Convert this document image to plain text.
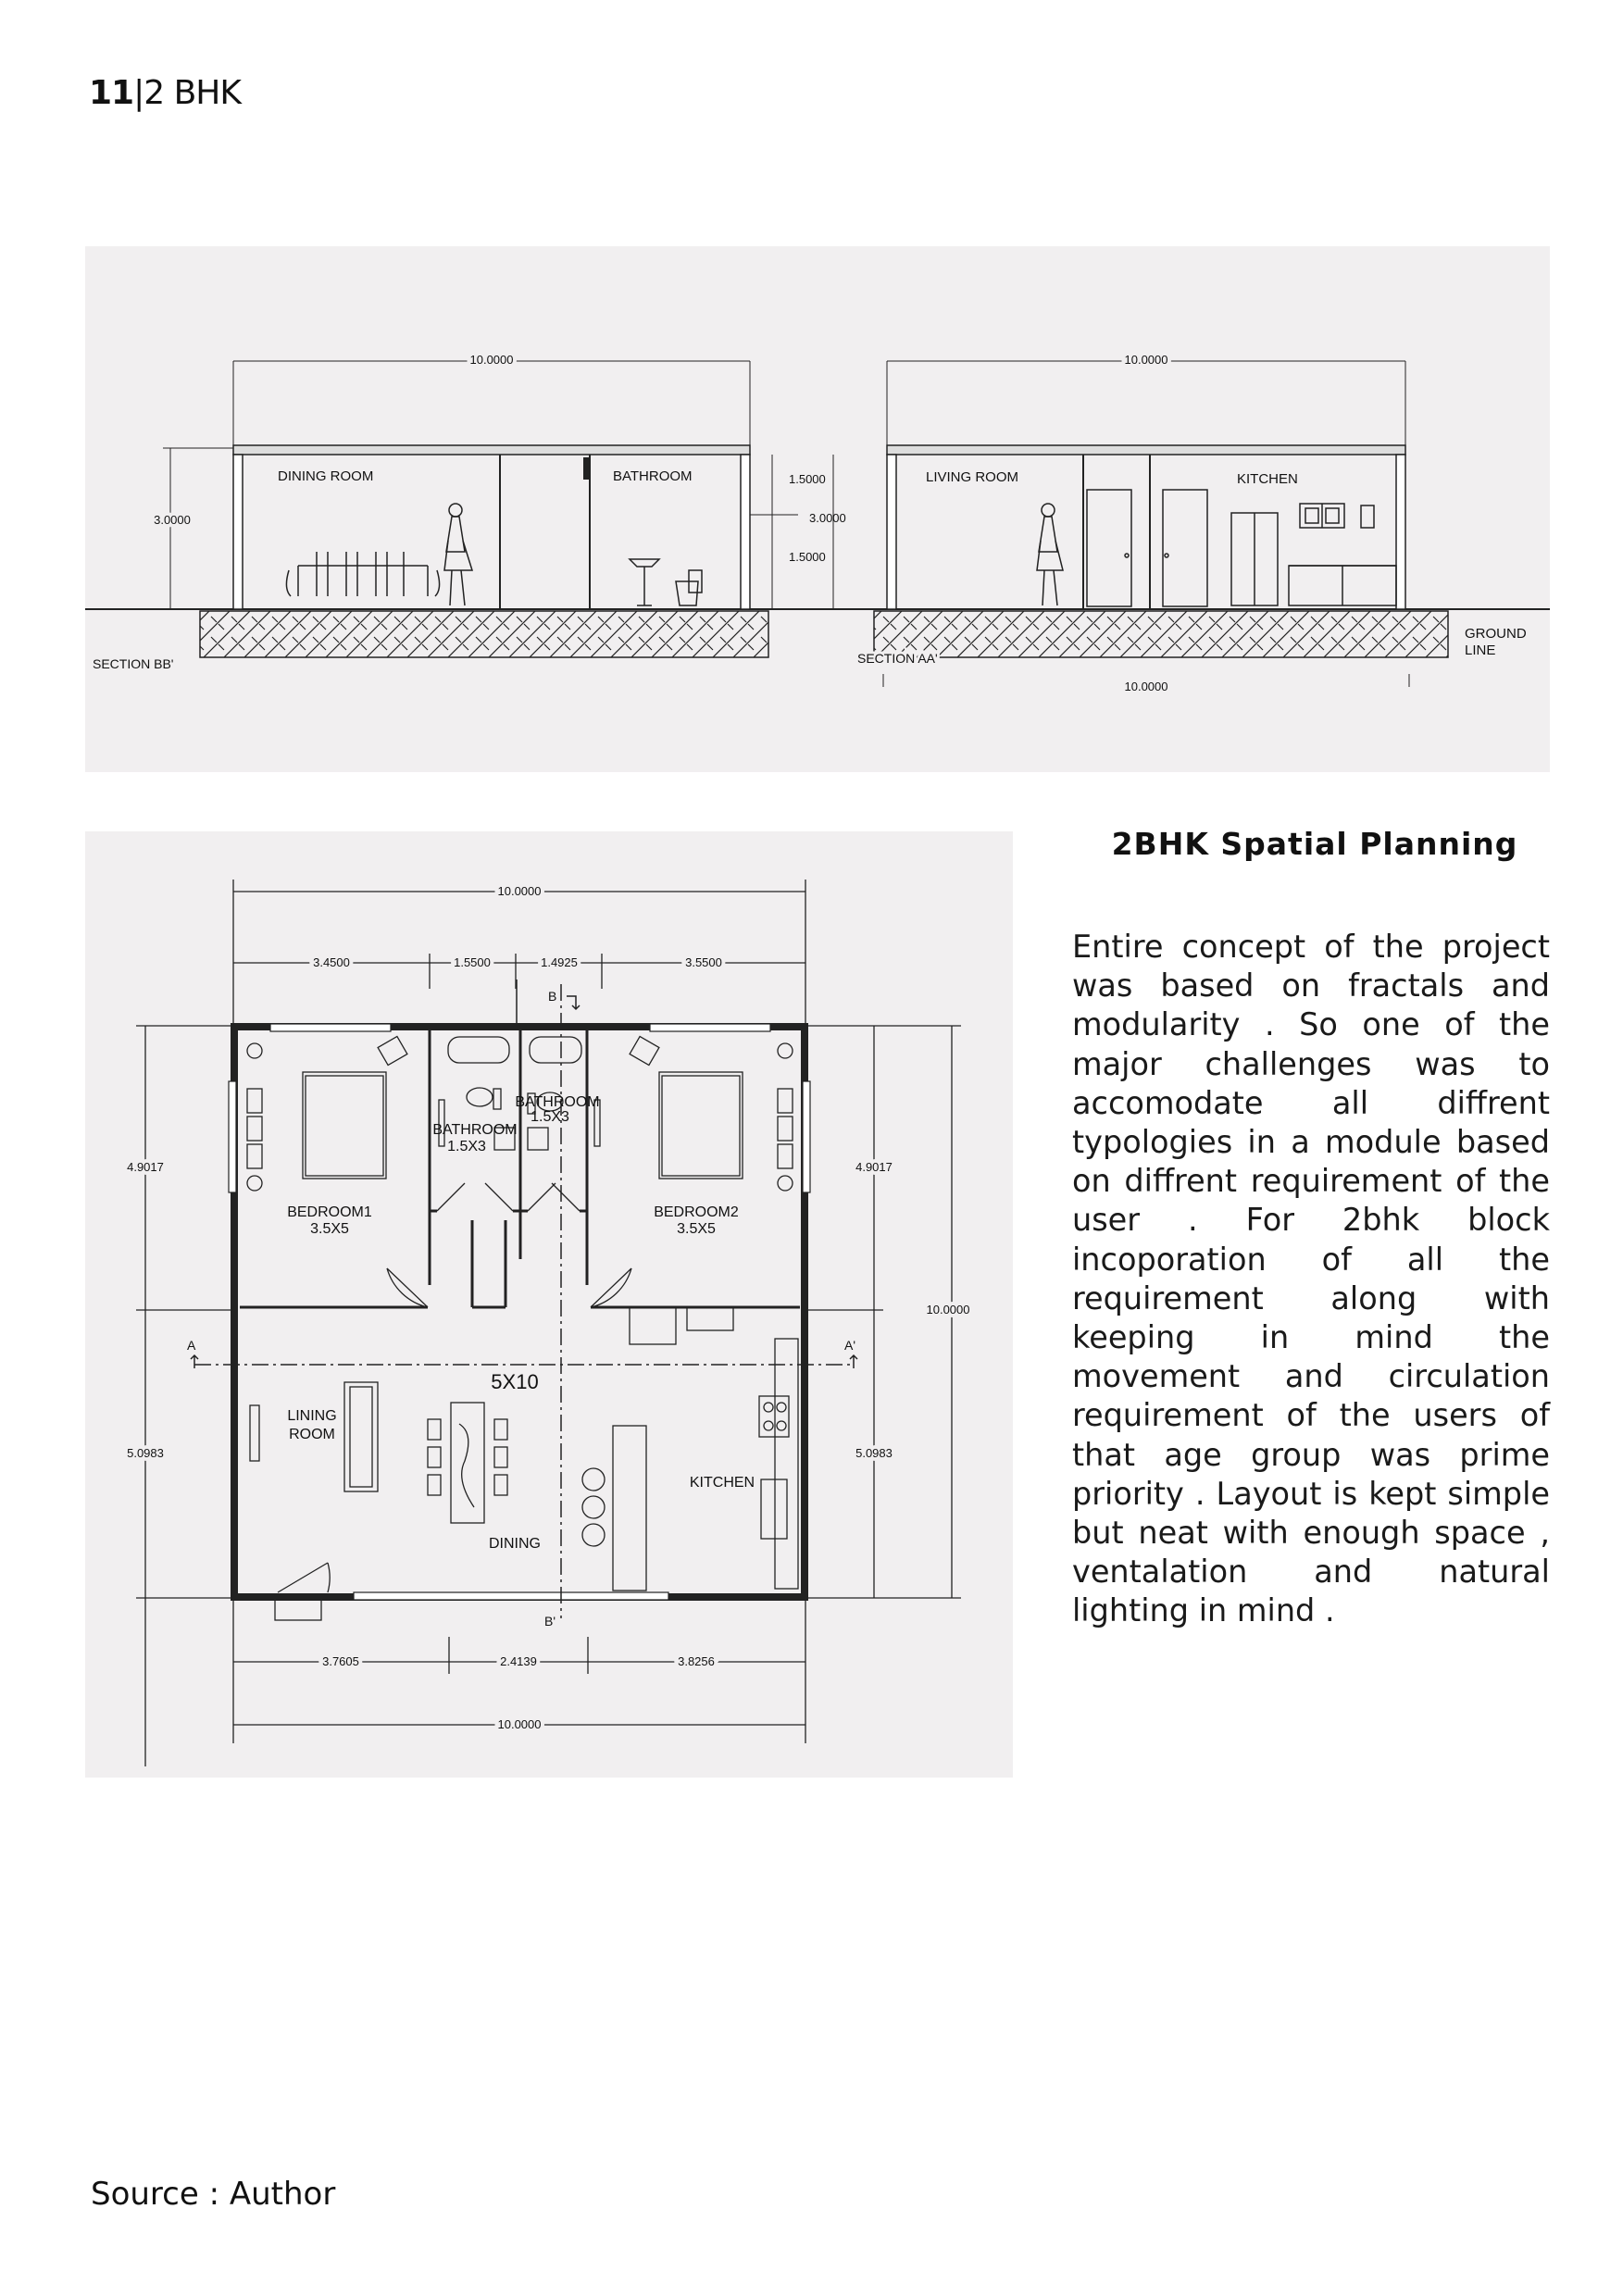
11|2 BHK
10.0000
3.0000
1.5000
1.5000
3.0000
DINING ROOM	BATHROOM
SECTION BB'
10.0000
LIVING ROOM	KITCHEN
SECTION AA'
10.0000
GROUND
LINE
10.0000
3.4500	1.5500	1.4925	3.5500
3.7605	2.4139	3.8256
10.0000
4.9017
5.0983
4.9017
5.0983
10.0000
B
B'
A	A'
BEDROOM1
3.5X5
BEDROOM2
3.5X5
BATHROOM
1.5X3
BATHROOM
1.5X3
5X10
LINING
ROOM
KITCHEN
DINING
2BHK Spatial Planning
Entire concept of the project was based on fractals and modularity . So one of the major challenges was to accomodate all diffrent typologies in a module based on diffrent requirement of the user . For 2bhk block incoporation of all the requirement along with keeping in mind the movement and circulation requirement of the users of that age group was prime priority . Layout is kept simple but neat with enough space , ventalation and natural lighting in mind .
Source : Author
